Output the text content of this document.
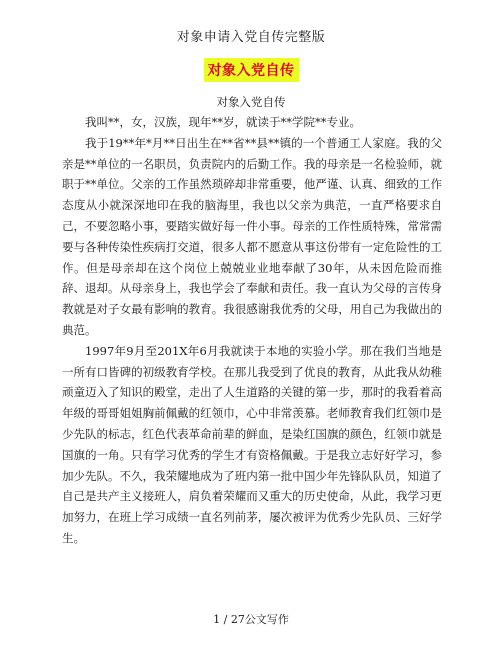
对象申请入党自传完整版
对象入党自传
对象入党自传

我叫**，女，汉族，现年**岁，就读于**学院**专业。

我于19**年*月**日出生在**省**县**镇的一个普通工人家庭。我的父亲是**单位的一名职员，负责院内的后勤工作。我的母亲是一名检验师，就职于**单位。父亲的工作虽然琐碎却非常重要，他严谨、认真、细致的工作态度从小就深深地印在我的脑海里，我也以父亲为典范，一直严格要求自己，不要忽略小事，要踏实做好每一件小事。母亲的工作性质特殊，常常需要与各种传染性疾病打交道，很多人都不愿意从事这份带有一定危险性的工作。但是母亲却在这个岗位上兢兢业业地奉献了30年，从未因危险而推辞、退却。从母亲身上，我也学会了奉献和责任。我一直认为父母的言传身教就是对子女最有影响的教育。我很感谢我优秀的父母，用自己为我做出的典范。

1997年9月至201X年6月我就读于本地的实验小学。那在我们当地是一所有口皆碑的初级教育学校。在那儿我受到了优良的教育，从此我从幼稚顽童迈入了知识的殿堂，走出了人生道路的关键的第一步，那时的我看着高年级的哥哥姐姐胸前佩戴的红领巾，心中非常羡慕。老师教育我们红领巾是少先队的标志，红色代表革命前辈的鲜血，是染红国旗的颜色，红领巾就是国旗的一角。只有学习优秀的学生才有资格佩戴。于是我立志好好学习，参加少先队。不久，我荣耀地成为了班内第一批中国少年先锋队队员，知道了自己是共产主义接班人，肩负着荣耀而又重大的历史使命，从此，我学习更加努力，在班上学习成绩一直名列前茅，屡次被评为优秀少先队员、三好学生。

1 / 27公文写作
